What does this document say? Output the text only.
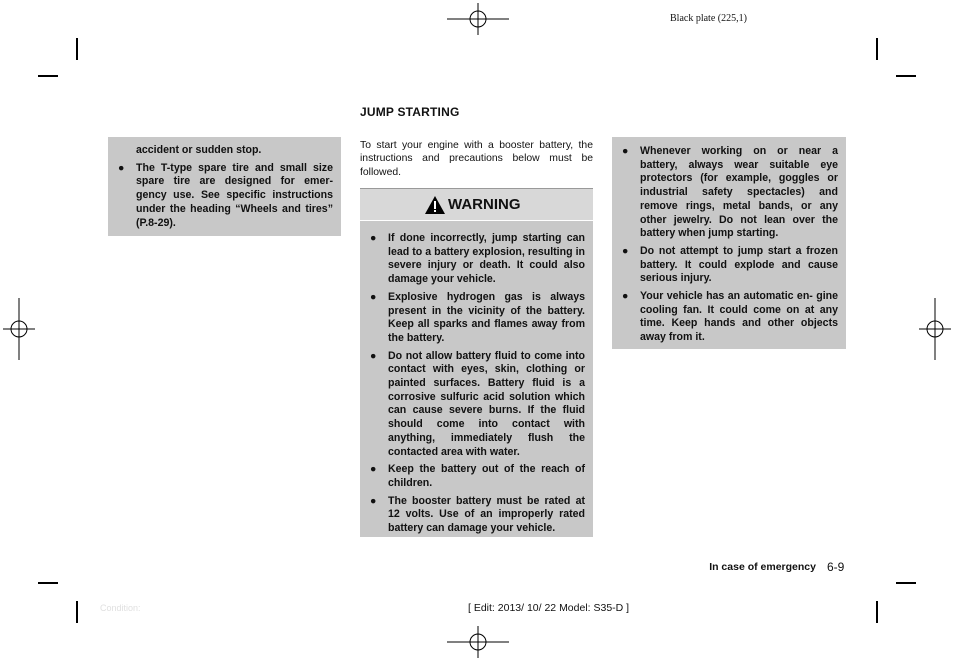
Black plate (225,1)
accident or sudden stop.
● The T-type spare tire and small size spare tire are designed for emer- gency use. See specific instructions under the heading “Wheels and tires” (P.8-29).
JUMP STARTING
To start your engine with a booster battery, the instructions and precautions below must be followed.
WARNING
● If done incorrectly, jump starting can lead to a battery explosion, resulting in severe injury or death. It could also damage your vehicle.
● Explosive hydrogen gas is always present in the vicinity of the battery. Keep all sparks and flames away from the battery.
● Do not allow battery fluid to come into contact with eyes, skin, clothing or painted surfaces. Battery fluid is a corrosive sulfuric acid solution which can cause severe burns. If the fluid should come into contact with anything, immediately flush the contacted area with water.
● Keep the battery out of the reach of children.
● The booster battery must be rated at 12 volts. Use of an improperly rated battery can damage your vehicle.
● Whenever working on or near a battery, always wear suitable eye protectors (for example, goggles or industrial safety spectacles) and remove rings, metal bands, or any other jewelry. Do not lean over the battery when jump starting.
● Do not attempt to jump start a frozen battery. It could explode and cause serious injury.
● Your vehicle has an automatic en- gine cooling fan. It could come on at any time. Keep hands and other objects away from it.
In case of emergency 6-9
Condition:	[ Edit: 2013/ 10/ 22 Model: S35-D ]
